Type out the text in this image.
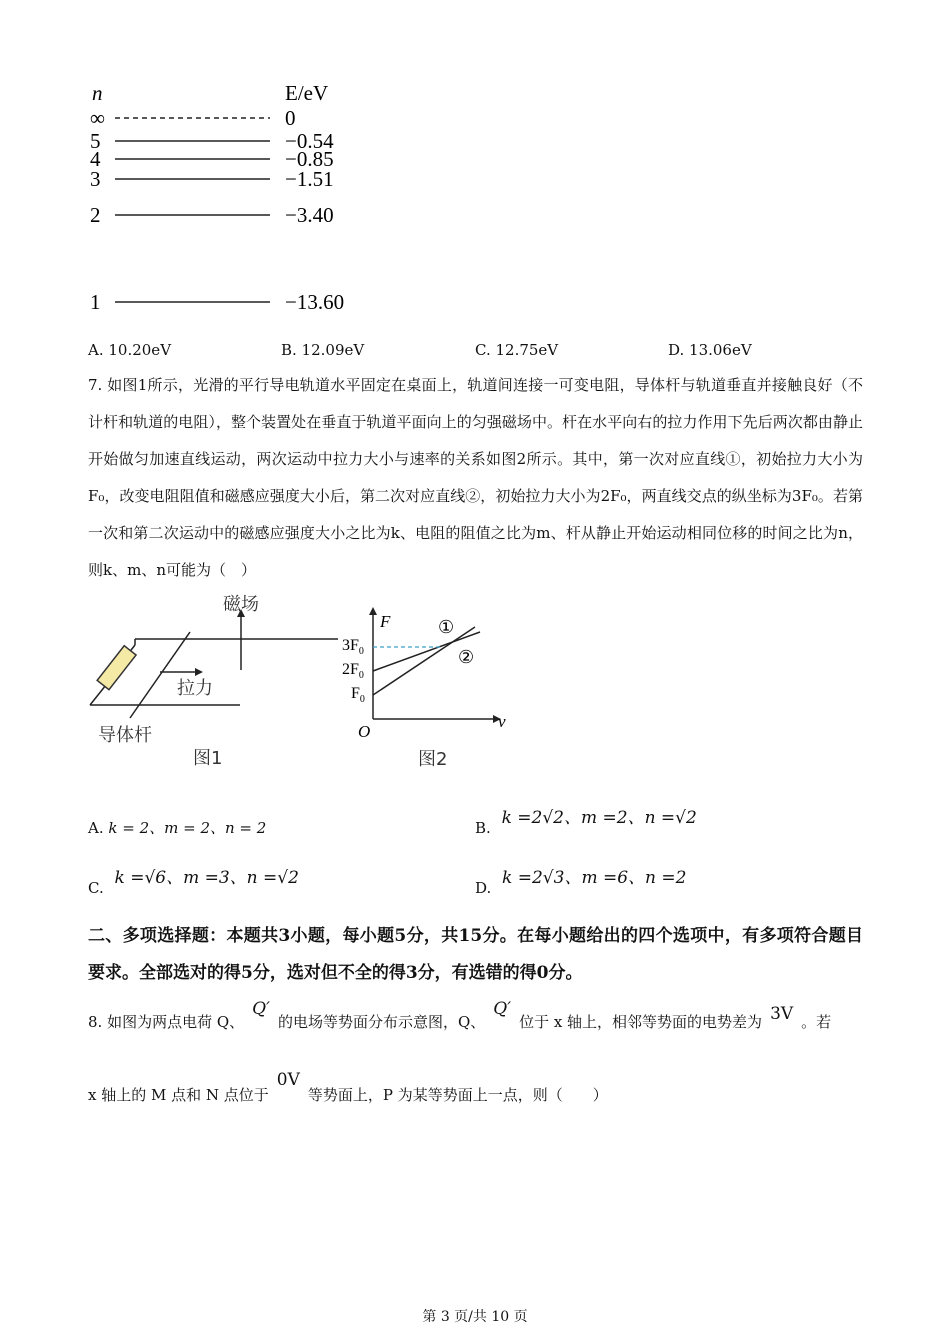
n	E/eV
∞	0
5	−0.54
4	−0.85
3	−1.51
2	−3.40
1	−13.60
A. 10.20eV	B. 12.09eV	C. 12.75eV	D. 13.06eV
7. 如图1所示，光滑的平行导电轨道水平固定在桌面上，轨道间连接一可变电阻，导体杆与轨道垂直并接触良好（不计杆和轨道的电阻），整个装置处在垂直于轨道平面向上的匀强磁场中。杆在水平向右的拉力作用下先后两次都由静止开始做匀加速直线运动，两次运动中拉力大小与速率的关系如图2所示。其中，第一次对应直线①，初始拉力大小为F₀，改变电阻阻值和磁感应强度大小后，第二次对应直线②，初始拉力大小为2F₀，两直线交点的纵坐标为3F₀。若第一次和第二次运动中的磁感应强度大小之比为k、电阻的阻值之比为m、杆从静止开始运动相同位移的时间之比为n，则k、m、n可能为（　）
磁场
拉力
导体杆
图1
F
v
O
$3F_0$
$2F_0$
$F_0$
①
②
图2
A. k = 2、m = 2、n = 2	B. k =2√2、m =2、n =√2
C. k =√6、m =3、n =√2	D. k =2√3、m =6、n =2
二、多项选择题：本题共3小题，每小题5分，共15分。在每小题给出的四个选项中，有多项符合题目要求。全部选对的得5分，选对但不全的得3分，有选错的得0分。
8. 如图为两点电荷 Q、Q′的电场等势面分布示意图，Q、Q′位于 x 轴上，相邻等势面的电势差为 3V 。若
x 轴上的 M 点和 N 点位于0V等势面上，P 为某等势面上一点，则（　　）
第 3 页/共 10 页
